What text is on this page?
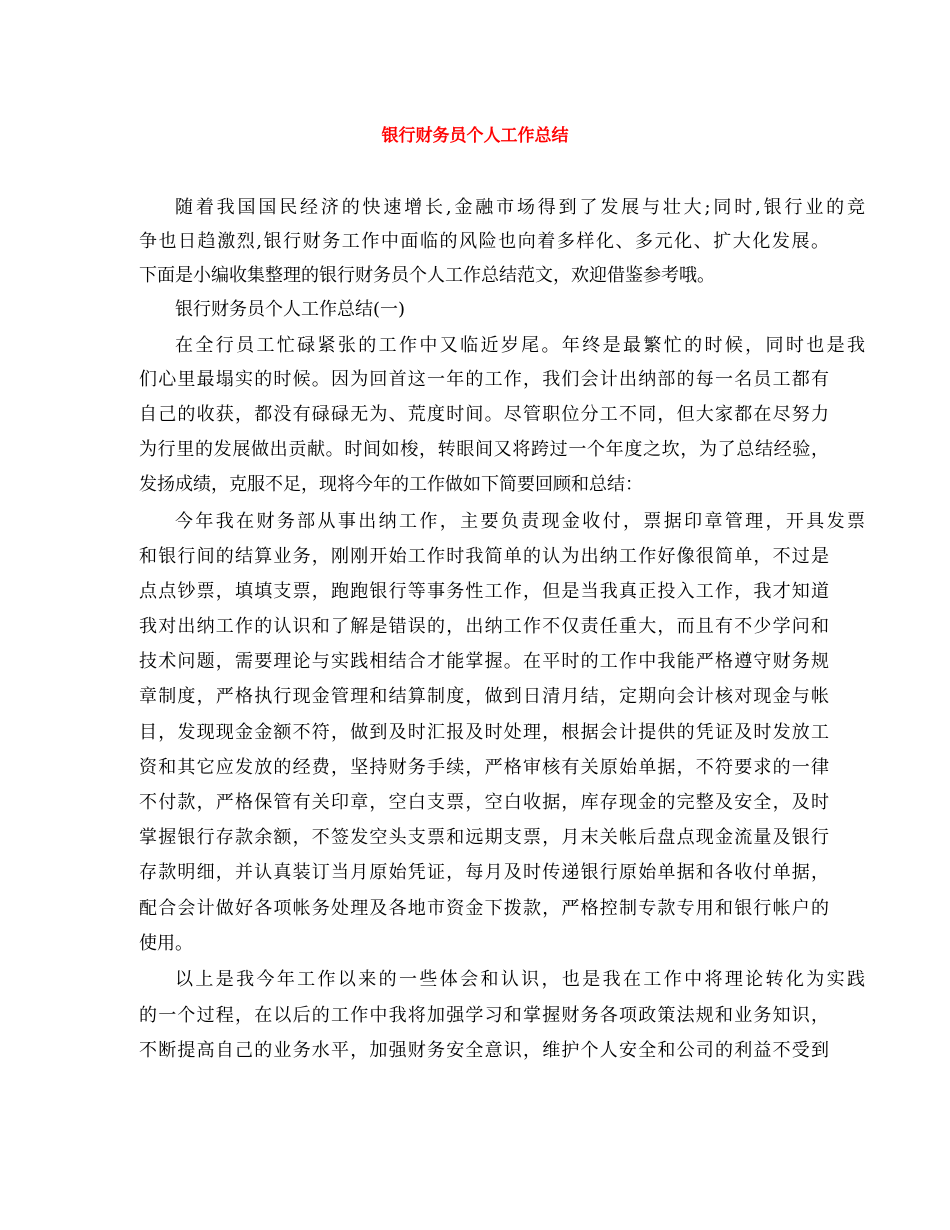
银行财务员个人工作总结
随着我国国民经济的快速增长,金融市场得到了发展与壮大;同时,银行业的竞
争也日趋激烈,银行财务工作中面临的风险也向着多样化、多元化、扩大化发展。
下面是小编收集整理的银行财务员个人工作总结范文，欢迎借鉴参考哦。
银行财务员个人工作总结(一)
在全行员工忙碌紧张的工作中又临近岁尾。年终是最繁忙的时候，同时也是我
们心里最塌实的时候。因为回首这一年的工作，我们会计出纳部的每一名员工都有
自己的收获，都没有碌碌无为、荒度时间。尽管职位分工不同，但大家都在尽努力
为行里的发展做出贡献。时间如梭，转眼间又将跨过一个年度之坎，为了总结经验，
发扬成绩，克服不足，现将今年的工作做如下简要回顾和总结：
今年我在财务部从事出纳工作，主要负责现金收付，票据印章管理，开具发票
和银行间的结算业务，刚刚开始工作时我简单的认为出纳工作好像很简单，不过是
点点钞票，填填支票，跑跑银行等事务性工作，但是当我真正投入工作，我才知道
我对出纳工作的认识和了解是错误的，出纳工作不仅责任重大，而且有不少学问和
技术问题，需要理论与实践相结合才能掌握。在平时的工作中我能严格遵守财务规
章制度，严格执行现金管理和结算制度，做到日清月结，定期向会计核对现金与帐
目，发现现金金额不符，做到及时汇报及时处理，根据会计提供的凭证及时发放工
资和其它应发放的经费，坚持财务手续，严格审核有关原始单据，不符要求的一律
不付款，严格保管有关印章，空白支票，空白收据，库存现金的完整及安全，及时
掌握银行存款余额，不签发空头支票和远期支票，月末关帐后盘点现金流量及银行
存款明细，并认真装订当月原始凭证，每月及时传递银行原始单据和各收付单据，
配合会计做好各项帐务处理及各地市资金下拨款，严格控制专款专用和银行帐户的
使用。
以上是我今年工作以来的一些体会和认识，也是我在工作中将理论转化为实践
的一个过程，在以后的工作中我将加强学习和掌握财务各项政策法规和业务知识，
不断提高自己的业务水平，加强财务安全意识，维护个人安全和公司的利益不受到
